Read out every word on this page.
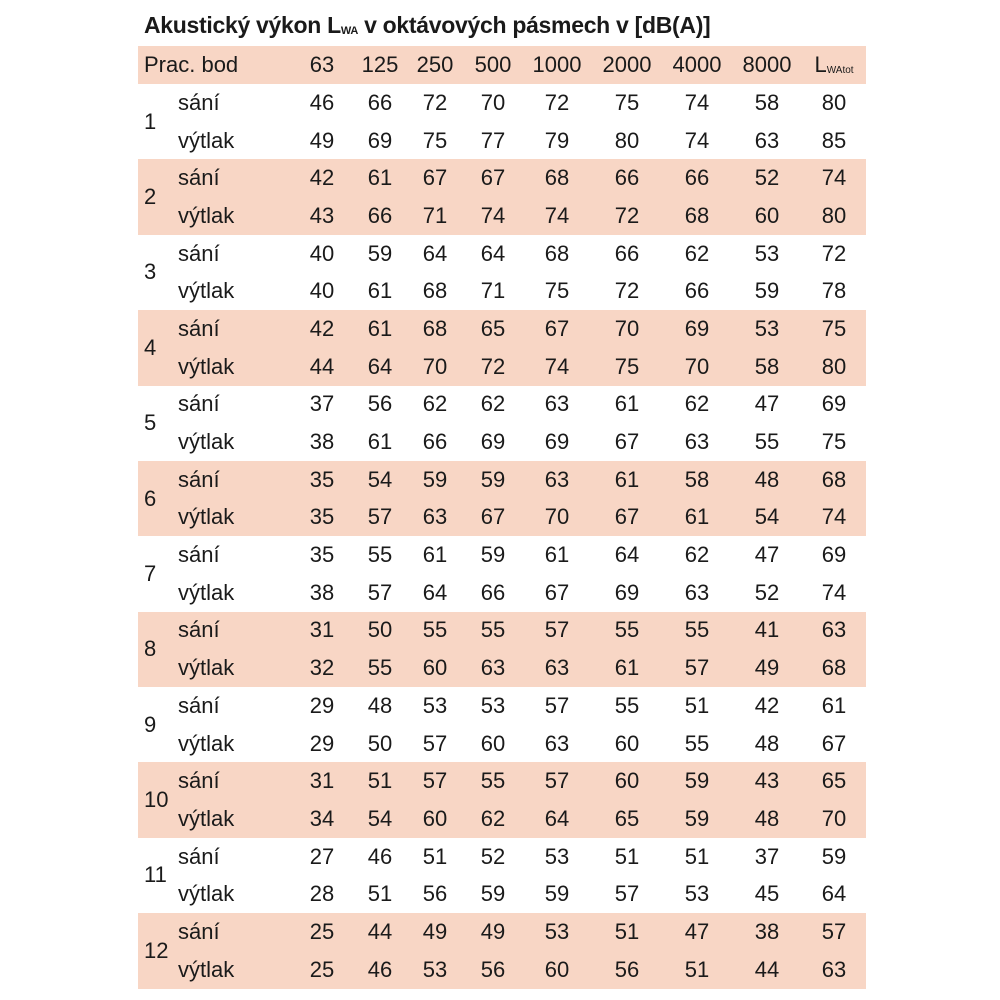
Akustický výkon $L_{WA}$ v oktávových pásmech v [dB(A)]
Prac. bod		63	125	250	500	1000	2000	4000	8000	LWAtot
1	sání	46	66	72	70	72	75	74	58	80
	výtlak	49	69	75	77	79	80	74	63	85
2	sání	42	61	67	67	68	66	66	52	74
	výtlak	43	66	71	74	74	72	68	60	80
3	sání	40	59	64	64	68	66	62	53	72
	výtlak	40	61	68	71	75	72	66	59	78
4	sání	42	61	68	65	67	70	69	53	75
	výtlak	44	64	70	72	74	75	70	58	80
5	sání	37	56	62	62	63	61	62	47	69
	výtlak	38	61	66	69	69	67	63	55	75
6	sání	35	54	59	59	63	61	58	48	68
	výtlak	35	57	63	67	70	67	61	54	74
7	sání	35	55	61	59	61	64	62	47	69
	výtlak	38	57	64	66	67	69	63	52	74
8	sání	31	50	55	55	57	55	55	41	63
	výtlak	32	55	60	63	63	61	57	49	68
9	sání	29	48	53	53	57	55	51	42	61
	výtlak	29	50	57	60	63	60	55	48	67
10	sání	31	51	57	55	57	60	59	43	65
	výtlak	34	54	60	62	64	65	59	48	70
11	sání	27	46	51	52	53	51	51	37	59
	výtlak	28	51	56	59	59	57	53	45	64
12	sání	25	44	49	49	53	51	47	38	57
	výtlak	25	46	53	56	60	56	51	44	63
